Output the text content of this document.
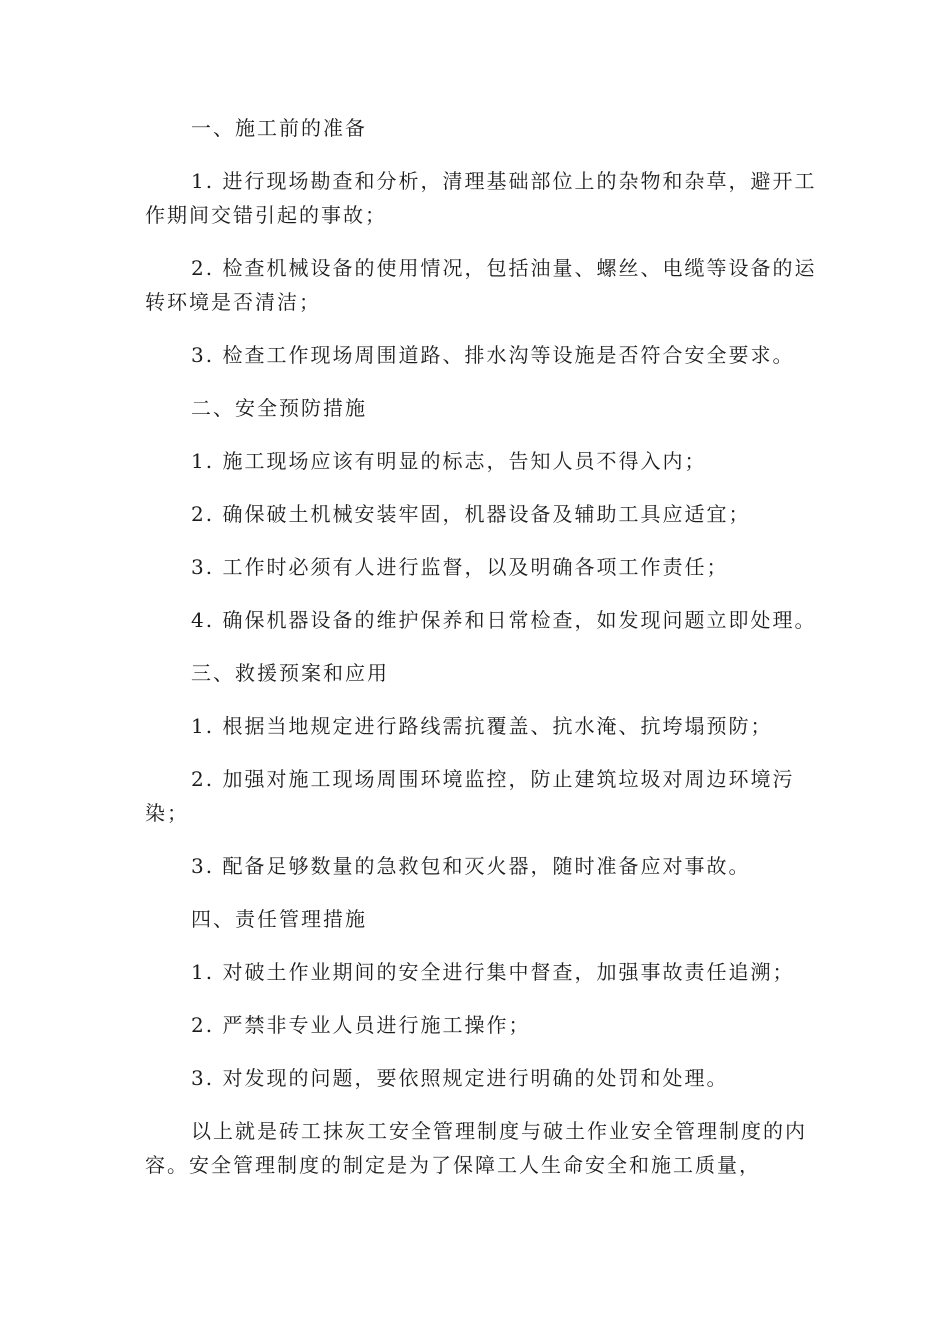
一、施工前的准备

1. 进行现场勘查和分析，清理基础部位上的杂物和杂草，避开工作期间交错引起的事故；

2. 检查机械设备的使用情况，包括油量、螺丝、电缆等设备的运转环境是否清洁；

3. 检查工作现场周围道路、排水沟等设施是否符合安全要求。

二、安全预防措施

1. 施工现场应该有明显的标志，告知人员不得入内；

2. 确保破土机械安装牢固，机器设备及辅助工具应适宜；

3. 工作时必须有人进行监督，以及明确各项工作责任；

4. 确保机器设备的维护保养和日常检查，如发现问题立即处理。

三、救援预案和应用

1. 根据当地规定进行路线需抗覆盖、抗水淹、抗垮塌预防；

2. 加强对施工现场周围环境监控，防止建筑垃圾对周边环境污染；

3. 配备足够数量的急救包和灭火器，随时准备应对事故。

四、责任管理措施

1. 对破土作业期间的安全进行集中督查，加强事故责任追溯；

2. 严禁非专业人员进行施工操作；

3. 对发现的问题，要依照规定进行明确的处罚和处理。

以上就是砖工抹灰工安全管理制度与破土作业安全管理制度的内容。安全管理制度的制定是为了保障工人生命安全和施工质量，
